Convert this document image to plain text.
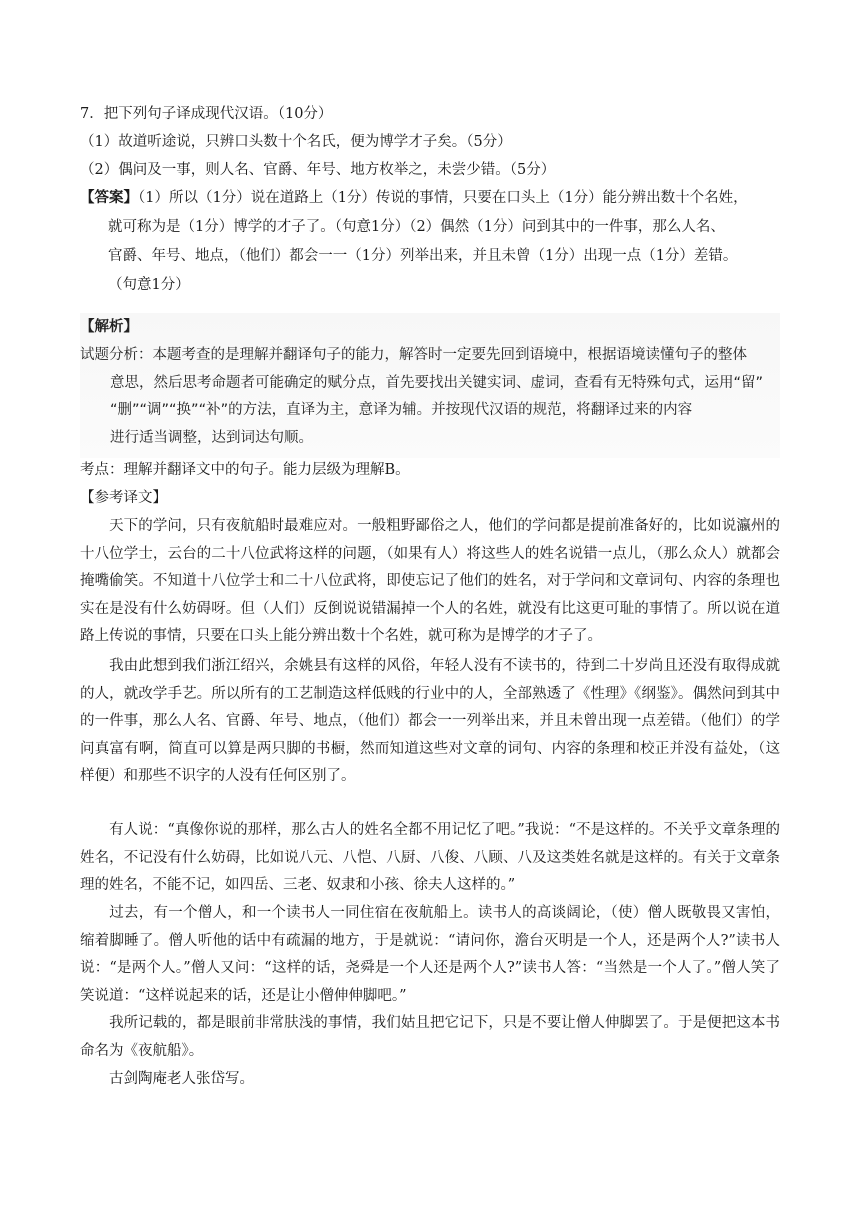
7．把下列句子译成现代汉语。（10分）
（1）故道听途说，只辨口头数十个名氏，便为博学才子矣。（5分）
（2）偶问及一事，则人名、官爵、年号、地方枚举之，未尝少错。（5分）
【答案】（1）所以（1分）说在道路上（1分）传说的事情，只要在口头上（1分）能分辨出数十个名姓，
就可称为是（1分）博学的才子了。（句意1分）（2）偶然（1分）问到其中的一件事，那么人名、
官爵、年号、地点，（他们）都会一一（1分）列举出来，并且未曾（1分）出现一点（1分）差错。
（句意1分）
【解析】
试题分析：本题考查的是理解并翻译句子的能力，解答时一定要先回到语境中，根据语境读懂句子的整体
意思，然后思考命题者可能确定的赋分点，首先要找出关键实词、虚词，查看有无特殊句式，运用“留”
“删”“调”“换”“补”的方法，直译为主，意译为辅。并按现代汉语的规范，将翻译过来的内容
进行适当调整，达到词达句顺。
考点：理解并翻译文中的句子。能力层级为理解B。
【参考译文】
天下的学问，只有夜航船时最难应对。一般粗野鄙俗之人，他们的学问都是提前准备好的，比如说瀛州的十八位学士，云台的二十八位武将这样的问题，（如果有人）将这些人的姓名说错一点儿，（那么众人）就都会掩嘴偷笑。不知道十八位学士和二十八位武将，即使忘记了他们的姓名，对于学问和文章词句、内容的条理也实在是没有什么妨碍呀。但（人们）反倒说说错漏掉一个人的名姓，就没有比这更可耻的事情了。所以说在道路上传说的事情，只要在口头上能分辨出数十个名姓，就可称为是博学的才子了。
我由此想到我们浙江绍兴，余姚县有这样的风俗，年轻人没有不读书的，待到二十岁尚且还没有取得成就的人，就改学手艺。所以所有的工艺制造这样低贱的行业中的人，全部熟透了《性理》《纲鉴》。偶然问到其中的一件事，那么人名、官爵、年号、地点，（他们）都会一一列举出来，并且未曾出现一点差错。（他们）的学问真富有啊，简直可以算是两只脚的书橱，然而知道这些对文章的词句、内容的条理和校正并没有益处，（这样便）和那些不识字的人没有任何区别了。
有人说：“真像你说的那样，那么古人的姓名全都不用记忆了吧。”我说：“不是这样的。不关乎文章条理的姓名，不记没有什么妨碍，比如说八元、八恺、八厨、八俊、八顾、八及这类姓名就是这样的。有关于文章条理的姓名，不能不记，如四岳、三老、奴隶和小孩、徐夫人这样的。”
过去，有一个僧人，和一个读书人一同住宿在夜航船上。读书人的高谈阔论，（使）僧人既敬畏又害怕，缩着脚睡了。僧人听他的话中有疏漏的地方，于是就说：“请问你，澹台灭明是一个人，还是两个人?”读书人说：“是两个人。”僧人又问：“这样的话，尧舜是一个人还是两个人?”读书人答：“当然是一个人了。”僧人笑了笑说道：“这样说起来的话，还是让小僧伸伸脚吧。”
我所记载的，都是眼前非常肤浅的事情，我们姑且把它记下，只是不要让僧人伸脚罢了。于是便把这本书命名为《夜航船》。
古剑陶庵老人张岱写。
